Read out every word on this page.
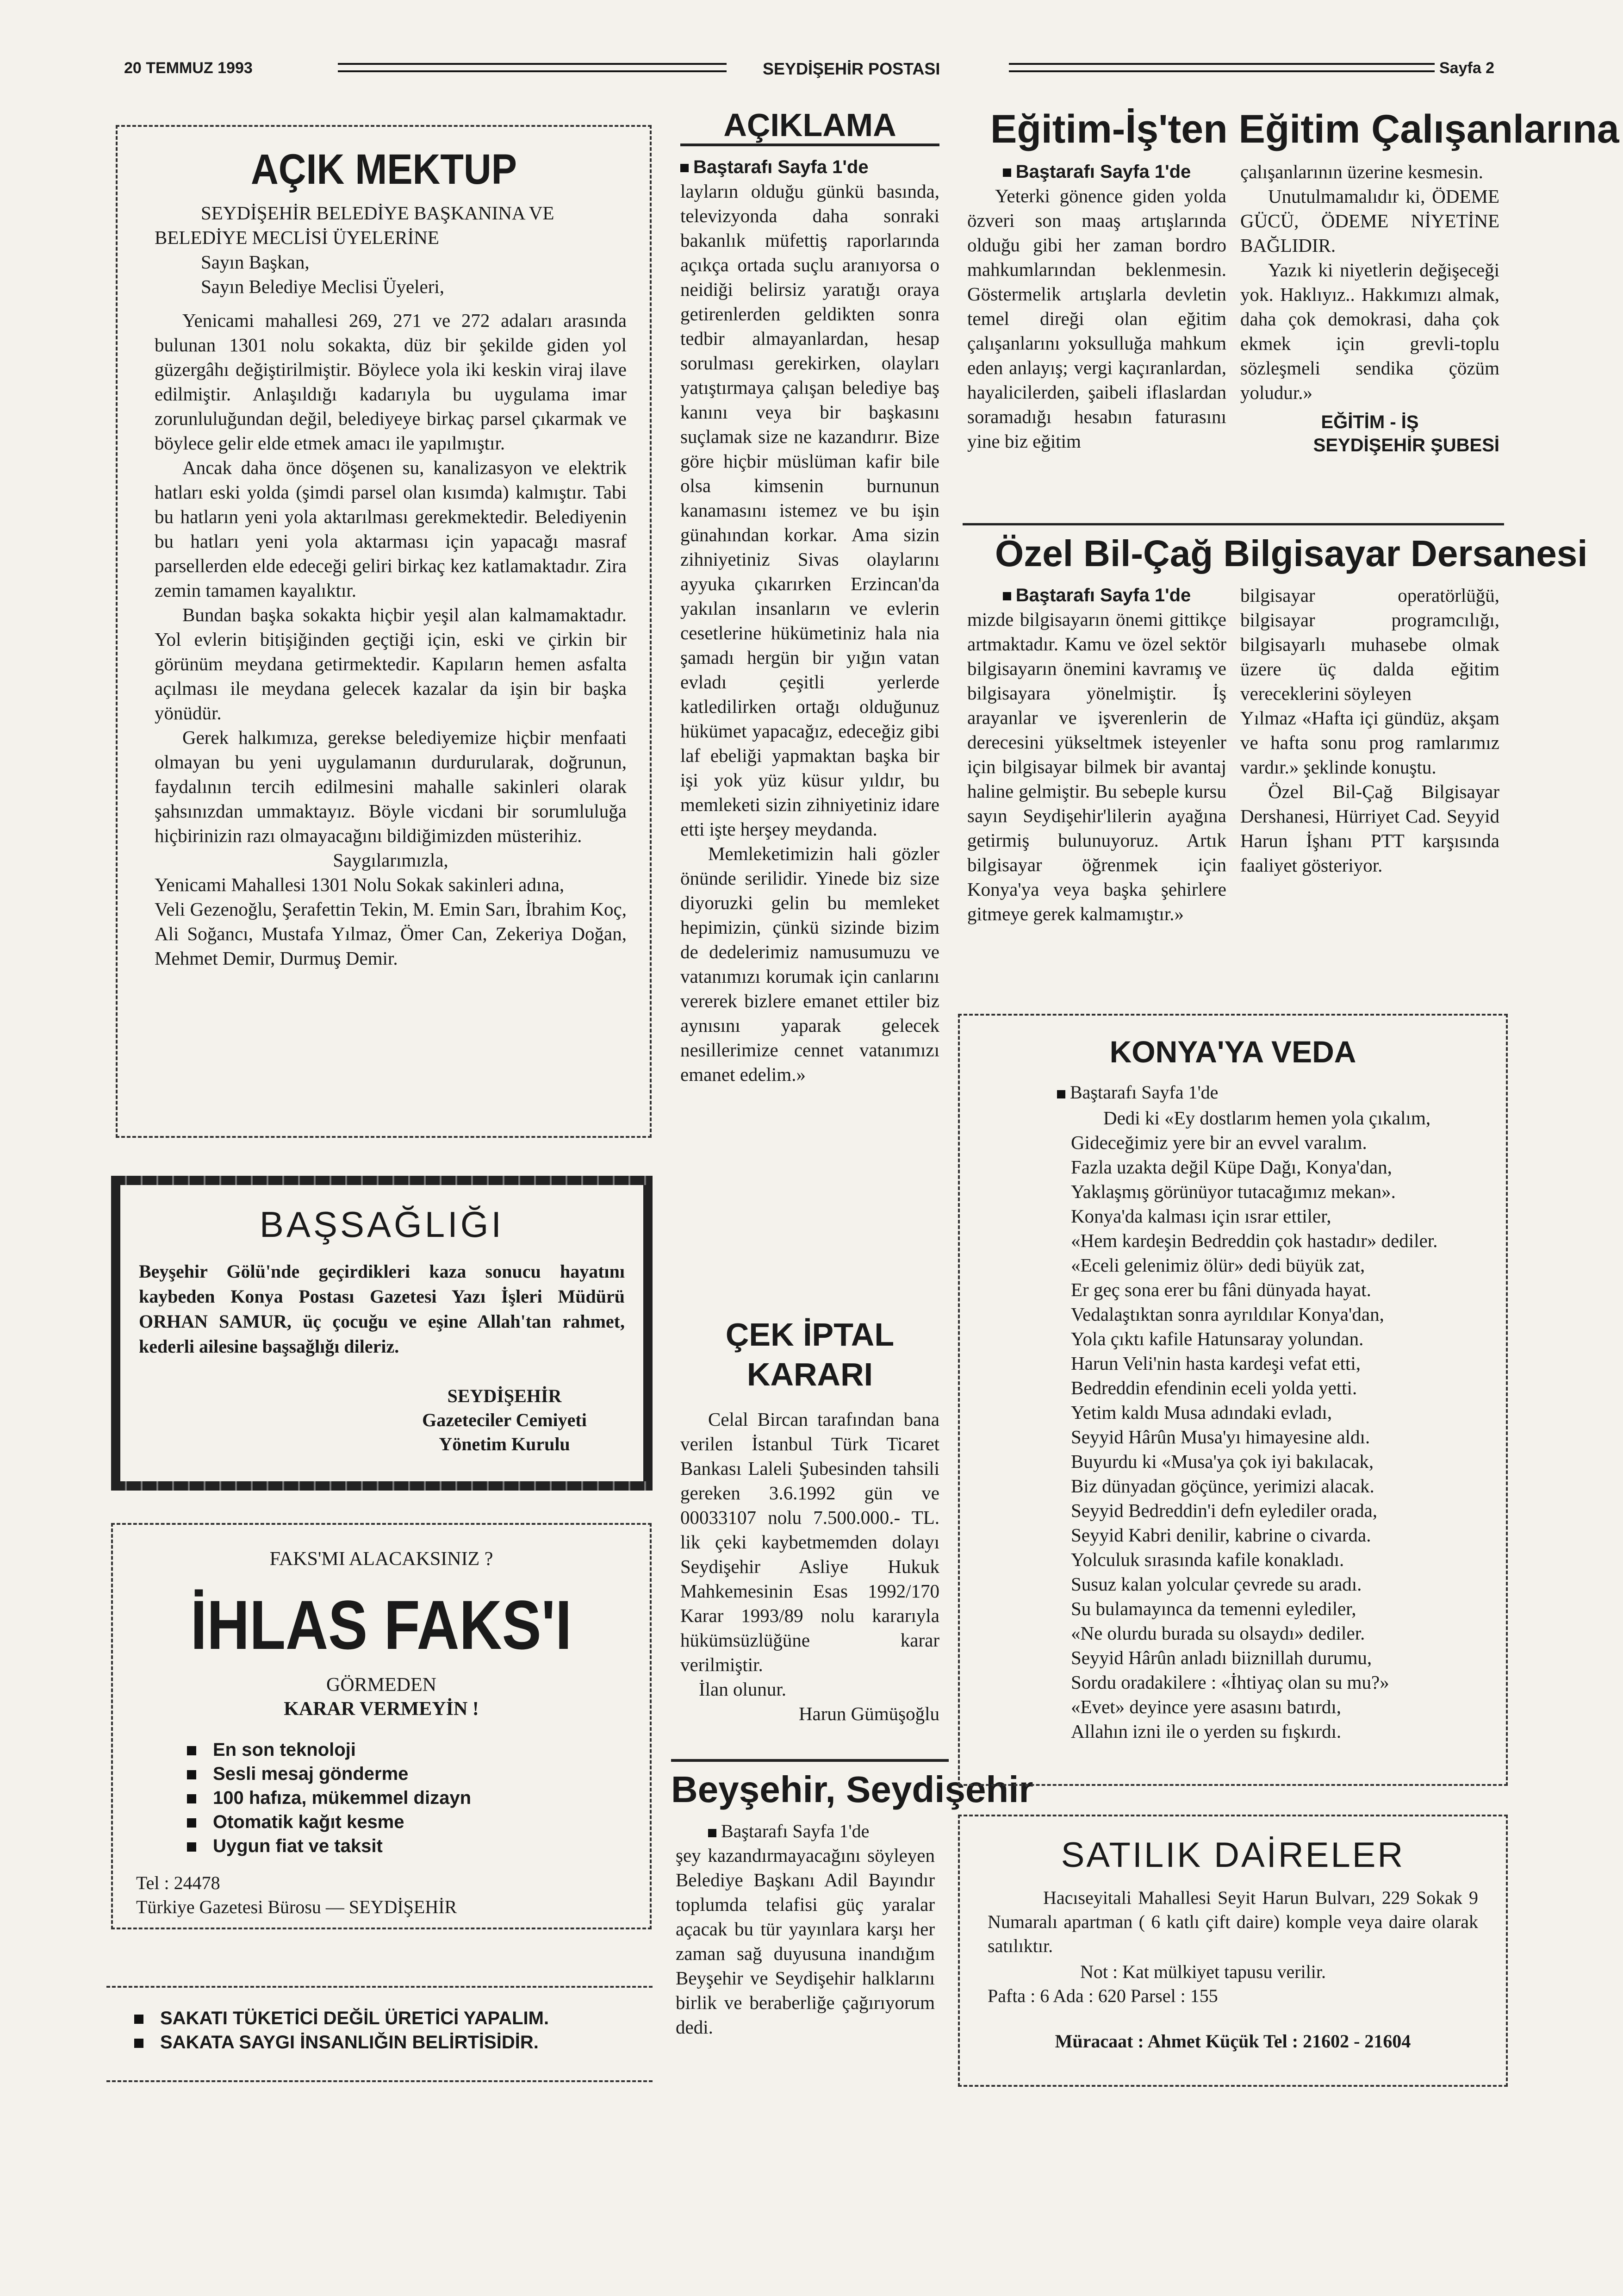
20 TEMMUZ 1993	SEYDİŞEHİR POSTASI	Sayfa 2
AÇIK MEKTUP

SEYDİŞEHİR BELEDİYE BAŞKANINA VE BELEDİYE MECLİSİ ÜYELERİNE

Sayın Başkan,

Sayın Belediye Meclisi Üyeleri,

Yenicami mahallesi 269, 271 ve 272 adaları arasında bulunan 1301 nolu sokakta, düz bir şekilde giden yol güzergâhı değiştirilmiştir. Böylece yola iki keskin viraj ilave edilmiştir. Anlaşıldığı kadarıyla bu uygulama imar zorunluluğundan değil, belediyeye birkaç parsel çıkarmak ve böylece gelir elde etmek amacı ile yapılmıştır.

Ancak daha önce döşenen su, kanalizasyon ve elektrik hatları eski yolda (şimdi parsel olan kısımda) kalmıştır. Tabi bu hatların yeni yola aktarılması gerekmektedir. Belediyenin bu hatları yeni yola aktarması için yapacağı masraf parsellerden elde edeceği geliri birkaç kez katlamaktadır. Zira zemin tamamen kayalıktır.

Bundan başka sokakta hiçbir yeşil alan kalmamaktadır. Yol evlerin bitişiğinden geçtiği için, eski ve çirkin bir görünüm meydana getirmektedir. Kapıların hemen asfalta açılması ile meydana gelecek kazalar da işin bir başka yönüdür.

Gerek halkımıza, gerekse belediyemize hiçbir menfaati olmayan bu yeni uygulamanın durdurularak, doğrunun, faydalının tercih edilmesini mahalle sakinleri olarak şahsınızdan ummaktayız. Böyle vicdani bir sorumluluğa hiçbirinizin razı olmayacağını bildiğimizden müsterihiz.

Saygılarımızla,

Yenicami Mahallesi 1301 Nolu Sokak sakinleri adına,

Veli Gezenoğlu, Şerafettin Tekin, M. Emin Sarı, İbrahim Koç, Ali Soğancı, Mustafa Yılmaz, Ömer Can, Zekeriya Doğan, Mehmet Demir, Durmuş Demir.

BAŞSAĞLIĞI
Beyşehir Gölü'nde geçirdikleri kaza sonucu hayatını kaybeden Konya Postası Gazetesi Yazı İşleri Müdürü ORHAN SAMUR, üç çocuğu ve eşine Allah'tan rahmet, kederli ailesine başsağlığı dileriz.
SEYDİŞEHİR
Gazeteciler Cemiyeti
Yönetim Kurulu
FAKS'MI ALACAKSINIZ ?
İHLAS FAKS'I
GÖRMEDEN
KARAR VERMEYİN !
En son teknoloji
Sesli mesaj gönderme
100 hafıza, mükemmel dizayn
Otomatik kağıt kesme
Uygun fiat ve taksit
Tel : 24478
Türkiye Gazetesi Bürosu — SEYDİŞEHİR
SAKATI TÜKETİCİ DEĞİL ÜRETİCİ YAPALIM.
SAKATA SAYGI İNSANLIĞIN BELİRTİSİDİR.
AÇIKLAMA
Baştarafı Sayfa 1'de

layların olduğu günkü basında, televizyonda daha sonraki bakanlık müfettiş raporlarında açıkça ortada suçlu aranıyorsa o neidiği belirsiz yaratığı oraya getirenlerden geldikten sonra tedbir almayanlardan, hesap sorulması gerekirken, olayları yatıştırmaya çalışan belediye baş kanını veya bir başkasını suçlamak size ne kazandırır. Bize göre hiçbir müslüman kafir bile olsa kimsenin burnunun kanamasını istemez ve bu işin günahından korkar. Ama sizin zihniyetiniz Sivas olaylarını ayyuka çıkarırken Erzincan'da yakılan insanların ve evlerin cesetlerine hükümetiniz hala nia şamadı hergün bir yığın vatan evladı çeşitli yerlerde katledilirken ortağı olduğunuz hükümet yapacağız, edeceğiz gibi laf ebeliği yapmaktan başka bir işi yok yüz küsur yıldır, bu memleketi sizin zihniyetiniz idare etti işte herşey meydanda.

Memleketimizin hali gözler önünde serilidir. Yinede biz size diyoruzki gelin bu memleket hepimizin, çünkü sizinde bizim de dedelerimiz namusumuzu ve vatanımızı korumak için canlarını vererek bizlere emanet ettiler biz aynısını yaparak gelecek nesillerimize cennet vatanımızı emanet edelim.»

ÇEK İPTAL
KARARI

Celal Bircan tarafından bana verilen İstanbul Türk Ticaret Bankası Laleli Şubesinden tahsili gereken 3.6.1992 gün ve 00033107 nolu 7.500.000.- TL. lik çeki kaybetmemden dolayı Seydişehir Asliye Hukuk Mahkemesinin Esas 1992/170 Karar 1993/89 nolu kararıyla hükümsüzlüğüne karar verilmiştir.

İlan olunur.

Harun Gümüşoğlu

Beyşehir, Seydişehir
Baştarafı Sayfa 1'de

şey kazandırmayacağını söyleyen Belediye Başkanı Adil Bayındır toplumda telafisi güç yaralar açacak bu tür yayınlara karşı her zaman sağ duyusuna inandığım Beyşehir ve Seydişehir halklarını birlik ve beraberliğe çağırıyorum dedi.

Eğitim-İş'ten Eğitim Çalışanlarına
Baştarafı Sayfa 1'de

Yeterki gönence giden yolda özveri son maaş artışlarında olduğu gibi her zaman bordro mahkumlarından beklenmesin. Göstermelik artışlarla devletin temel direği olan eğitim çalışanlarını yoksulluğa mahkum eden anlayış; vergi kaçıranlardan, hayalicilerden, şaibeli iflaslardan soramadığı hesabın faturasını yine biz eğitim

çalışanlarının üzerine kesmesin.

Unutulmamalıdır ki, ÖDEME GÜCÜ, ÖDEME NİYETİNE BAĞLIDIR.

Yazık ki niyetlerin değişeceği yok. Haklıyız.. Hakkımızı almak, daha çok demokrasi, daha çok ekmek için grevli-toplu sözleşmeli sendika çözüm yoludur.»

EĞİTİM - İŞ
SEYDİŞEHİR ŞUBESİ
Özel Bil-Çağ Bilgisayar Dersanesi
Baştarafı Sayfa 1'de

mizde bilgisayarın önemi gittikçe artmaktadır. Kamu ve özel sektör bilgisayarın önemini kavramış ve bilgisayara yönelmiştir. İş arayanlar ve işverenlerin de derecesini yükseltmek isteyenler için bilgisayar bilmek bir avantaj haline gelmiştir. Bu sebeple kursu sayın Seydişehir'lilerin ayağına getirmiş bulunuyoruz. Artık bilgisayar öğrenmek için Konya'ya veya başka şehirlere gitmeye gerek kalmamıştır.»

bilgisayar operatörlüğü, bilgisayar programcılığı, bilgisayarlı muhasebe olmak üzere üç dalda eğitim vereceklerini söyleyen

Yılmaz «Hafta içi gündüz, akşam ve hafta sonu prog ramlarımız vardır.» şeklinde konuştu.

Özel Bil-Çağ Bilgisayar Dershanesi, Hürriyet Cad. Seyyid Harun İşhanı PTT karşısında faaliyet gösteriyor.

KONYA'YA VEDA
Baştarafı Sayfa 1'de

Dedi ki «Ey dostlarım hemen yola çıkalım,

Gideceğimiz yere bir an evvel varalım.

Fazla uzakta değil Küpe Dağı, Konya'dan,

Yaklaşmış görünüyor tutacağımız mekan».

Konya'da kalması için ısrar ettiler,

«Hem kardeşin Bedreddin çok hastadır» dediler.

«Eceli gelenimiz ölür» dedi büyük zat,

Er geç sona erer bu fâni dünyada hayat.

Vedalaştıktan sonra ayrıldılar Konya'dan,

Yola çıktı kafile Hatunsaray yolundan.

Harun Veli'nin hasta kardeşi vefat etti,

Bedreddin efendinin eceli yolda yetti.

Yetim kaldı Musa adındaki evladı,

Seyyid Hârûn Musa'yı himayesine aldı.

Buyurdu ki «Musa'ya çok iyi bakılacak,

Biz dünyadan göçünce, yerimizi alacak.

Seyyid Bedreddin'i defn eylediler orada,

Seyyid Kabri denilir, kabrine o civarda.

Yolculuk sırasında kafile konakladı.

Susuz kalan yolcular çevrede su aradı.

Su bulamayınca da temenni eylediler,

«Ne olurdu burada su olsaydı» dediler.

Seyyid Hârûn anladı biiznillah durumu,

Sordu oradakilere : «İhtiyaç olan su mu?»

«Evet» deyince yere asasını batırdı,

Allahın izni ile o yerden su fışkırdı.

SATILIK DAİRELER
Hacıseyitali Mahallesi Seyit Harun Bulvarı, 229 Sokak 9 Numaralı apartman ( 6 katlı çift daire) komple veya daire olarak satılıktır.
Not : Kat mülkiyet tapusu verilir.
Pafta : 6 Ada : 620 Parsel : 155
Müracaat : Ahmet Küçük Tel : 21602 - 21604
